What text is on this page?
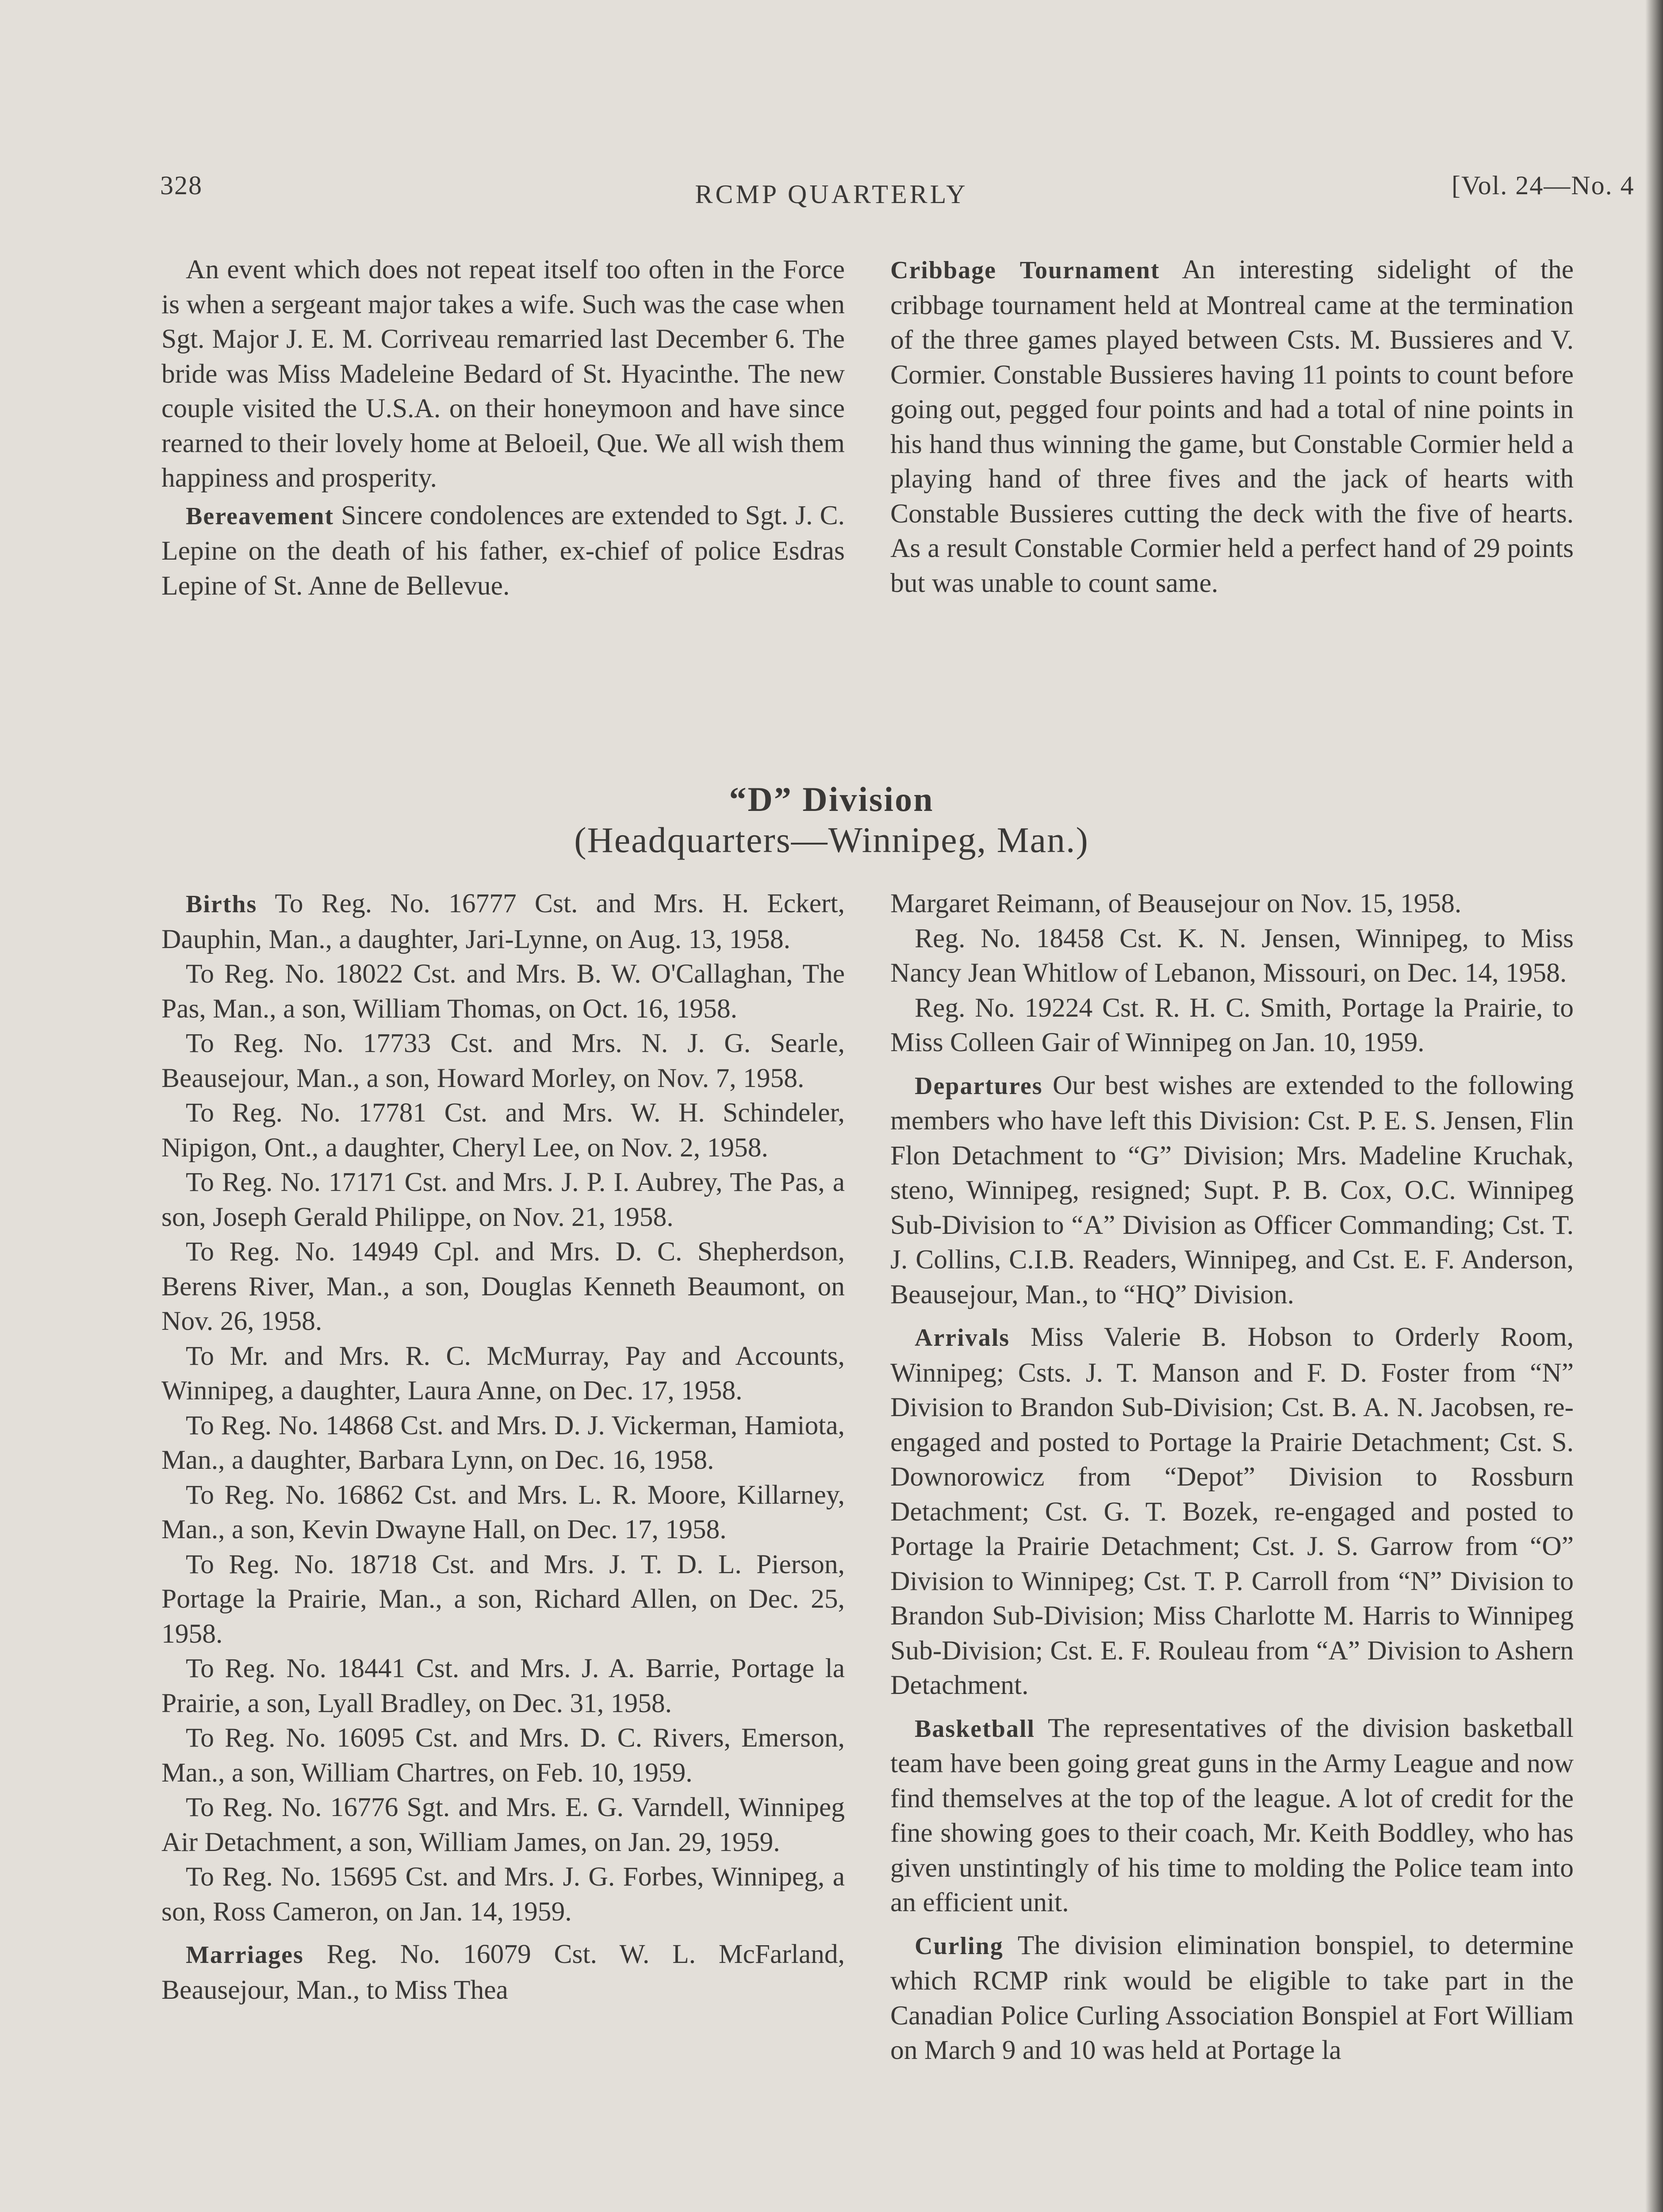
328	RCMP QUARTERLY	[Vol. 24—No. 4

An event which does not repeat itself too often in the Force is when a sergeant major takes a wife. Such was the case when Sgt. Major J. E. M. Corriveau remarried last December 6. The bride was Miss Madeleine Bedard of St. Hyacinthe. The new couple visited the U.S.A. on their honeymoon and have since rearned to their lovely home at Beloeil, Que. We all wish them happiness and prosperity.

Bereavement Sincere condolences are extended to Sgt. J. C. Lepine on the death of his father, ex-chief of police Esdras Lepine of St. Anne de Bellevue.

Cribbage Tournament An interesting sidelight of the cribbage tournament held at Montreal came at the termination of the three games played between Csts. M. Bussieres and V. Cormier. Constable Bussieres having 11 points to count before going out, pegged four points and had a total of nine points in his hand thus winning the game, but Constable Cormier held a playing hand of three fives and the jack of hearts with Constable Bussieres cutting the deck with the five of hearts. As a result Constable Cormier held a perfect hand of 29 points but was unable to count same.

“D” Division
(Headquarters—Winnipeg, Man.)

Births To Reg. No. 16777 Cst. and Mrs. H. Eckert, Dauphin, Man., a daughter, Jari-Lynne, on Aug. 13, 1958.

To Reg. No. 18022 Cst. and Mrs. B. W. O'Callaghan, The Pas, Man., a son, William Thomas, on Oct. 16, 1958.

To Reg. No. 17733 Cst. and Mrs. N. J. G. Searle, Beausejour, Man., a son, Howard Morley, on Nov. 7, 1958.

To Reg. No. 17781 Cst. and Mrs. W. H. Schindeler, Nipigon, Ont., a daughter, Cheryl Lee, on Nov. 2, 1958.

To Reg. No. 17171 Cst. and Mrs. J. P. I. Aubrey, The Pas, a son, Joseph Gerald Philippe, on Nov. 21, 1958.

To Reg. No. 14949 Cpl. and Mrs. D. C. Shepherdson, Berens River, Man., a son, Douglas Kenneth Beaumont, on Nov. 26, 1958.

To Mr. and Mrs. R. C. McMurray, Pay and Accounts, Winnipeg, a daughter, Laura Anne, on Dec. 17, 1958.

To Reg. No. 14868 Cst. and Mrs. D. J. Vickerman, Hamiota, Man., a daughter, Barbara Lynn, on Dec. 16, 1958.

To Reg. No. 16862 Cst. and Mrs. L. R. Moore, Killarney, Man., a son, Kevin Dwayne Hall, on Dec. 17, 1958.

To Reg. No. 18718 Cst. and Mrs. J. T. D. L. Pierson, Portage la Prairie, Man., a son, Richard Allen, on Dec. 25, 1958.

To Reg. No. 18441 Cst. and Mrs. J. A. Barrie, Portage la Prairie, a son, Lyall Bradley, on Dec. 31, 1958.

To Reg. No. 16095 Cst. and Mrs. D. C. Rivers, Emerson, Man., a son, William Chartres, on Feb. 10, 1959.

To Reg. No. 16776 Sgt. and Mrs. E. G. Varndell, Winnipeg Air Detachment, a son, William James, on Jan. 29, 1959.

To Reg. No. 15695 Cst. and Mrs. J. G. Forbes, Winnipeg, a son, Ross Cameron, on Jan. 14, 1959.

Marriages Reg. No. 16079 Cst. W. L. McFarland, Beausejour, Man., to Miss Thea

Margaret Reimann, of Beausejour on Nov. 15, 1958.

Reg. No. 18458 Cst. K. N. Jensen, Winnipeg, to Miss Nancy Jean Whitlow of Lebanon, Missouri, on Dec. 14, 1958.

Reg. No. 19224 Cst. R. H. C. Smith, Portage la Prairie, to Miss Colleen Gair of Winnipeg on Jan. 10, 1959.

Departures Our best wishes are extended to the following members who have left this Division: Cst. P. E. S. Jensen, Flin Flon Detachment to “G” Division; Mrs. Madeline Kruchak, steno, Winnipeg, resigned; Supt. P. B. Cox, O.C. Winnipeg Sub-Division to “A” Division as Officer Commanding; Cst. T. J. Collins, C.I.B. Readers, Winnipeg, and Cst. E. F. Anderson, Beausejour, Man., to “HQ” Division.

Arrivals Miss Valerie B. Hobson to Orderly Room, Winnipeg; Csts. J. T. Manson and F. D. Foster from “N” Division to Brandon Sub-Division; Cst. B. A. N. Jacobsen, re-engaged and posted to Portage la Prairie Detachment; Cst. S. Downorowicz from “Depot” Division to Rossburn Detachment; Cst. G. T. Bozek, re-engaged and posted to Portage la Prairie Detachment; Cst. J. S. Garrow from “O” Division to Winnipeg; Cst. T. P. Carroll from “N” Division to Brandon Sub-Division; Miss Charlotte M. Harris to Winnipeg Sub-Division; Cst. E. F. Rouleau from “A” Division to Ashern Detachment.

Basketball The representatives of the division basketball team have been going great guns in the Army League and now find themselves at the top of the league. A lot of credit for the fine showing goes to their coach, Mr. Keith Boddley, who has given unstintingly of his time to molding the Police team into an efficient unit.

Curling The division elimination bonspiel, to determine which RCMP rink would be eligible to take part in the Canadian Police Curling Association Bonspiel at Fort William on March 9 and 10 was held at Portage la
